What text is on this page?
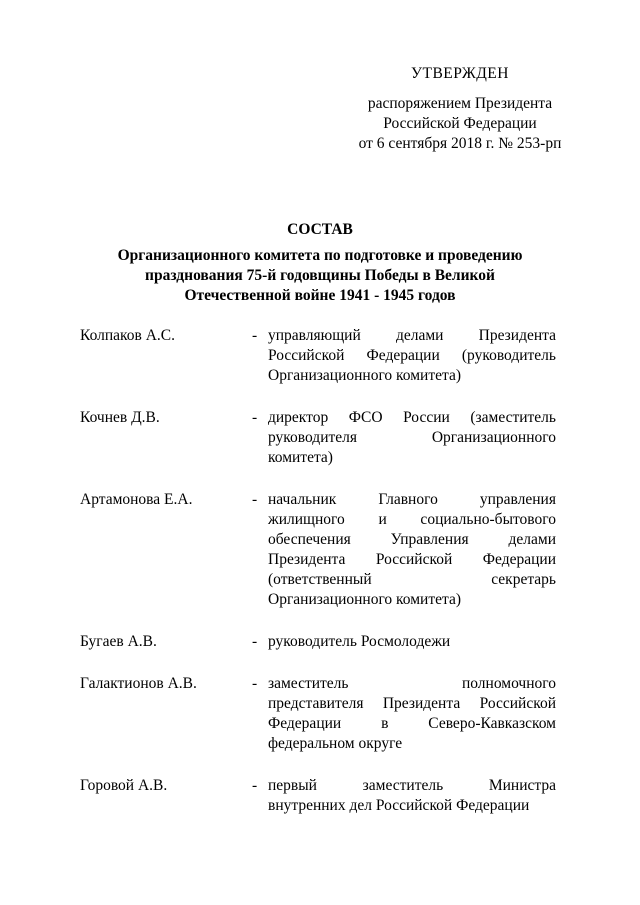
УТВЕРЖДЕН
распоряжением Президента
Российской Федерации
от 6 сентября 2018 г. № 253-рп
СОСТАВ
Организационного комитета по подготовке и проведению
празднования 75-й годовщины Победы в Великой
Отечественной войне 1941 - 1945 годов
Колпаков А.С.	- управляющий делами Президента
Российской Федерации (руководитель
Организационного комитета)
Кочнев Д.В.	- директор ФСО России (заместитель
руководителя Организационного
комитета)
Артамонова Е.А.	- начальник Главного управления
жилищного и социально-бытового
обеспечения Управления делами
Президента Российской Федерации
(ответственный секретарь
Организационного комитета)
Бугаев А.В.	- руководитель Росмолодежи
Галактионов А.В.	- заместитель полномочного
представителя Президента Российской
Федерации в Северо-Кавказском
федеральном округе
Горовой А.В.	- первый заместитель Министра
внутренних дел Российской Федерации
